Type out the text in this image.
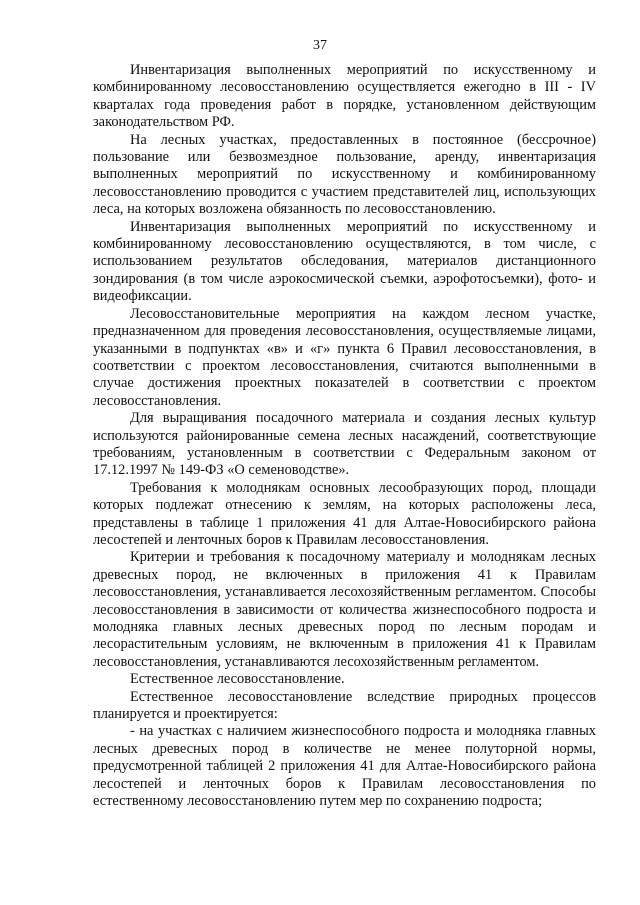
37

Инвентаризация выполненных мероприятий по искусственному и комбинированному лесовосстановлению осуществляется ежегодно в III - IV кварталах года проведения работ в порядке, установленном действующим законодательством РФ.

На лесных участках, предоставленных в постоянное (бессрочное) пользование или безвозмездное пользование, аренду, инвентаризация выполненных мероприятий по искусственному и комбинированному лесовосстановлению проводится с участием представителей лиц, использующих леса, на которых возложена обязанность по лесовосстановлению.

Инвентаризация выполненных мероприятий по искусственному и комбинированному лесовосстановлению осуществляются, в том числе, с использованием результатов обследования, материалов дистанционного зондирования (в том числе аэрокосмической съемки, аэрофотосъемки), фото- и видеофиксации.

Лесовосстановительные мероприятия на каждом лесном участке, предназначенном для проведения лесовосстановления, осуществляемые лицами, указанными в подпунктах «в» и «г» пункта 6 Правил лесовосстановления, в соответствии с проектом лесовосстановления, считаются выполненными в случае достижения проектных показателей в соответствии с проектом лесовосстановления.

Для выращивания посадочного материала и создания лесных культур используются районированные семена лесных насаждений, соответствующие требованиям, установленным в соответствии с Федеральным законом от 17.12.1997 № 149-ФЗ «О семеноводстве».

Требования к молоднякам основных лесообразующих пород, площади которых подлежат отнесению к землям, на которых расположены леса, представлены в таблице 1 приложения 41 для Алтае-Новосибирского района лесостепей и ленточных боров к Правилам лесовосстановления.

Критерии и требования к посадочному материалу и молоднякам лесных древесных пород, не включенных в приложения 41 к Правилам лесовосстановления, устанавливается лесохозяйственным регламентом. Способы лесовосстановления в зависимости от количества жизнеспособного подроста и молодняка главных лесных древесных пород по лесным породам и лесорастительным условиям, не включенным в приложения 41 к Правилам лесовосстановления, устанавливаются лесохозяйственным регламентом.

Естественное лесовосстановление.

Естественное лесовосстановление вследствие природных процессов планируется и проектируется:

- на участках с наличием жизнеспособного подроста и молодняка главных лесных древесных пород в количестве не менее полуторной нормы, предусмотренной таблицей 2 приложения 41 для Алтае-Новосибирского района лесостепей и ленточных боров к Правилам лесовосстановления по естественному лесовосстановлению путем мер по сохранению подроста;
